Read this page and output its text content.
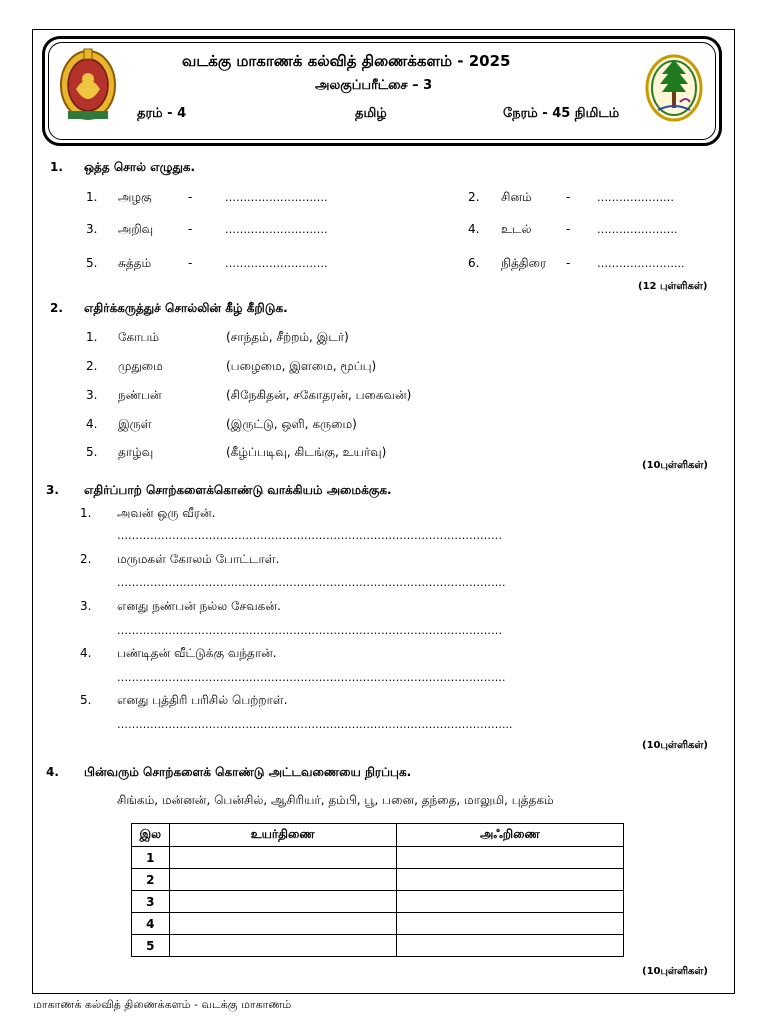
வடக்கு மாகாணக் கல்வித் திணைக்களம் - 2025
அலகுப்பரீட்சை – 3
தரம் - 4	தமிழ்	நேரம் - 45 நிமிடம்
1. ஒத்த சொல் எழுதுக.
1. அழகு	-	……………………….	2. சினம்	- …………………
3. அறிவு	-	……………………….	4. உடல்	- ………………….
5. சுத்தம்	-	……………………….	6. நித்திரை - …………………...
(12 புள்ளிகள்)
2. எதிர்க்கருத்துச் சொல்லின் கீழ் கீறிடுக.
1. கோபம்	(சாந்தம், சீற்றம், இடர்)
2. முதுமை	(பழைமை, இளமை, மூப்பு)
3. நண்பன்	(சிநேகிதன், சகோதரன், பகைவன்)
4. இருள்	(இருட்டு, ஒளி, கருமை)
5. தாழ்வு	(கீழ்ப்படிவு, கிடங்கு, உயர்வு)
(10புள்ளிகள்)
3. எதிர்ப்பாற் சொற்களைக்கொண்டு வாக்கியம் அமைக்குக.
1. அவன் ஒரு வீரன்.
……………………………………………………………………………………………
2. மருமகள் கோலம் போட்டாள்.
…………………………………………………………………………………………….
3. எனது நண்பன் நல்ல சேவகன்.
……………………………………………………………………………………………
4. பண்டிதன் வீட்டுக்கு வந்தான்.
…………………………………………………………………………………………….
5. எனது புத்திரி பரிசில் பெற்றாள்.
……………………………………………………………………………………………...
(10புள்ளிகள்)
4. பின்வரும் சொற்களைக் கொண்டு அட்டவணையை நிரப்புக.
சிங்கம், மன்னன், பென்சில், ஆசிரியர், தம்பி, பூ, பனை, தந்தை, மாலுமி, புத்தகம்
இல	உயர்திணை	அஃறிணை
1		
2		
3		
4		
5		
(10புள்ளிகள்)
மாகாணக் கல்வித் திணைக்களம் - வடக்கு மாகாணம்
